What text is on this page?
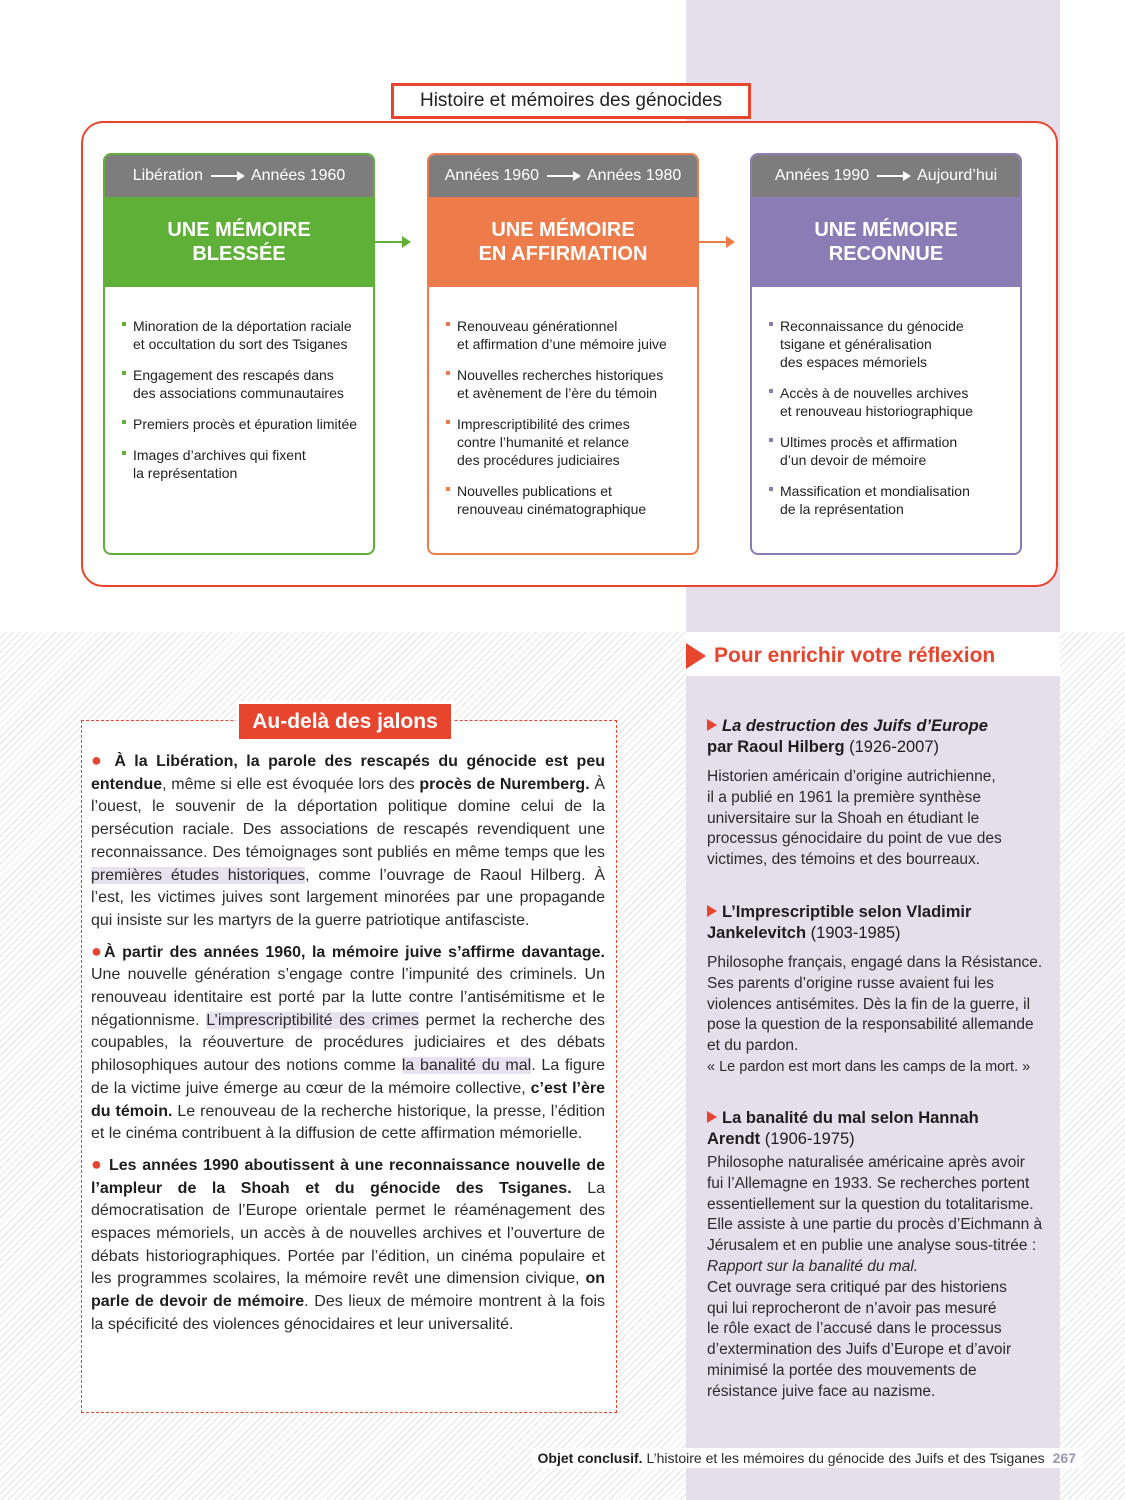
Histoire et mémoires des génocides
Libération	Années 1960
UNE MÉMOIRE
BLESSÉE
Minoration de la déportation raciale
et occultation du sort des Tsiganes
Engagement des rescapés dans
des associations communautaires
Premiers procès et épuration limitée
Images d’archives qui fixent
la représentation
Années 1960	Années 1980
UNE MÉMOIRE
EN AFFIRMATION
Renouveau générationnel
et affirmation d’une mémoire juive
Nouvelles recherches historiques
et avènement de l’ère du témoin
Imprescriptibilité des crimes
contre l’humanité et relance
des procédures judiciaires
Nouvelles publications et
renouveau cinématographique
Années 1990	Aujourd’hui
UNE MÉMOIRE
RECONNUE
Reconnaissance du génocide
tsigane et généralisation
des espaces mémoriels
Accès à de nouvelles archives
et renouveau historiographique
Ultimes procès et affirmation
d’un devoir de mémoire
Massification et mondialisation
de la représentation
Au-delà des jalons

● À la Libération, la parole des rescapés du génocide est peu entendue, même si elle est évoquée lors des procès de Nuremberg. À l’ouest, le souvenir de la déportation politique domine celui de la persécution raciale. Des associations de rescapés revendiquent une reconnaissance. Des témoignages sont publiés en même temps que les premières études historiques, comme l’ouvrage de Raoul Hilberg. À l’est, les victimes juives sont largement minorées par une propagande qui insiste sur les martyrs de la guerre patriotique antifasciste.

●À partir des années 1960, la mémoire juive s’affirme davantage. Une nouvelle génération s’engage contre l’impunité des criminels. Un renouveau identitaire est porté par la lutte contre l’antisémitisme et le négationnisme. L’imprescriptibilité des crimes permet la recherche des coupables, la réouverture de procédures judiciaires et des débats philosophiques autour des notions comme la banalité du mal. La figure de la victime juive émerge au cœur de la mémoire collective, c’est l’ère du témoin. Le renouveau de la recherche historique, la presse, l’édition et le cinéma contribuent à la diffusion de cette affirmation mémorielle.

● Les années 1990 aboutissent à une reconnaissance nouvelle de l’ampleur de la Shoah et du génocide des Tsiganes. La démocratisation de l’Europe orientale permet le réaménagement des espaces mémoriels, un accès à de nouvelles archives et l’ouverture de débats historiographiques. Portée par l’édition, un cinéma populaire et les programmes scolaires, la mémoire revêt une dimension civique, on parle de devoir de mémoire. Des lieux de mémoire montrent à la fois la spécificité des violences génocidaires et leur universalité.

Pour enrichir votre réflexion
La destruction des Juifs d’Europe
par Raoul Hilberg (1926-2007)
Historien américain d’origine autrichienne,
il a publié en 1961 la première synthèse
universitaire sur la Shoah en étudiant le
processus génocidaire du point de vue des
victimes, des témoins et des bourreaux.
L’Imprescriptible selon Vladimir
Jankelevitch (1903-1985)
Philosophe français, engagé dans la Résistance.
Ses parents d’origine russe avaient fui les
violences antisémites. Dès la fin de la guerre, il
pose la question de la responsabilité allemande
et du pardon.
« Le pardon est mort dans les camps de la mort. »
La banalité du mal selon Hannah
Arendt (1906-1975)
Philosophe naturalisée américaine après avoir
fui l’Allemagne en 1933. Se recherches portent
essentiellement sur la question du totalitarisme.
Elle assiste à une partie du procès d’Eichmann à
Jérusalem et en publie une analyse sous-titrée :
Rapport sur la banalité du mal.
Cet ouvrage sera critiqué par des historiens
qui lui reprocheront de n’avoir pas mesuré
le rôle exact de l’accusé dans le processus
d’extermination des Juifs d’Europe et d’avoir
minimisé la portée des mouvements de
résistance juive face au nazisme.
Objet conclusif. L’histoire et les mémoires du génocide des Juifs et des Tsiganes 267
